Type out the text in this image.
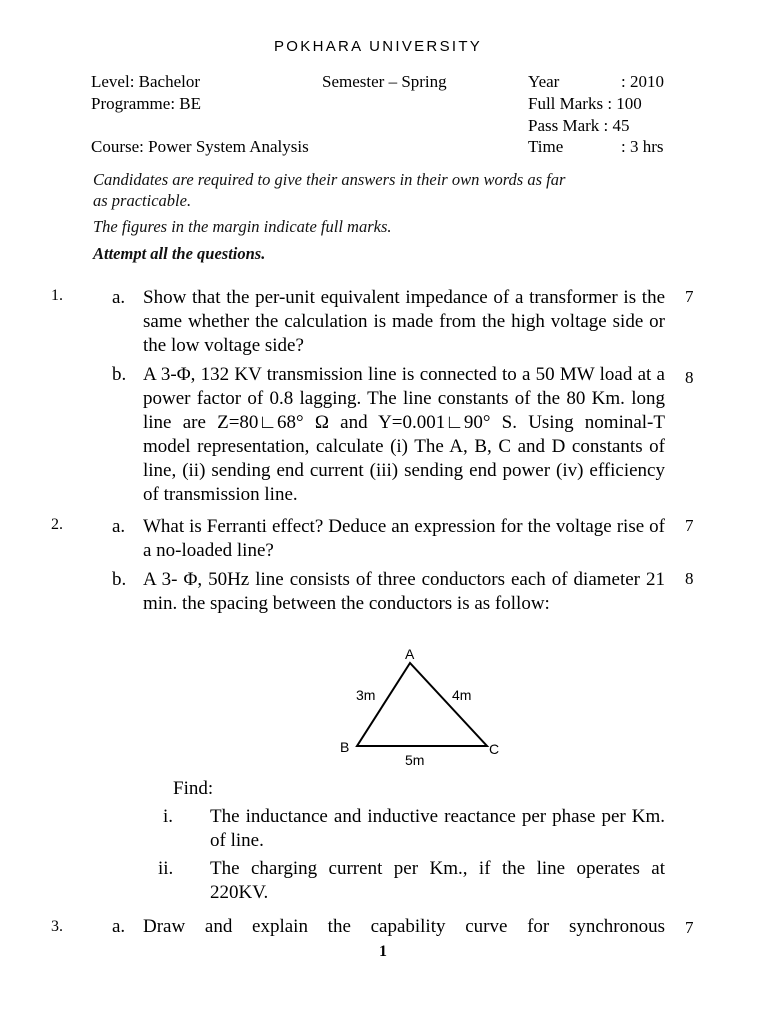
POKHARA UNIVERSITY
Level: Bachelor	Semester – Spring	Year	: 2010
Programme: BE	Full Marks : 100
Pass Mark : 45
Course: Power System Analysis	Time	: 3 hrs
Candidates are required to give their answers in their own words as far
as practicable.
The figures in the margin indicate full marks.
Attempt all the questions.
1.	a. Show that the per-unit equivalent impedance of a transformer is the same whether the calculation is made from the high voltage side or the low voltage side?
7
b. A 3-Φ, 132 KV transmission line is connected to a 50 MW load at a power factor of 0.8 lagging. The line constants of the 80 Km. long line are Z=80∟68° Ω and Y=0.001∟90° S. Using nominal-T model representation, calculate (i) The A, B, C and D constants of line, (ii) sending end current (iii) sending end power (iv) efficiency of transmission line.
8
2.	a. What is Ferranti effect? Deduce an expression for the voltage rise of a no-loaded line?
7
b. A 3- Φ, 50Hz line consists of three conductors each of diameter 21 min. the spacing between the conductors is as follow:
8
A
B	C
3m	4m
5m
Find:
i. The inductance and inductive reactance per phase per Km. of line.
ii. The charging current per Km., if the line operates at 220KV.
3.	a. Draw and explain the capability curve for synchronous 7
1
